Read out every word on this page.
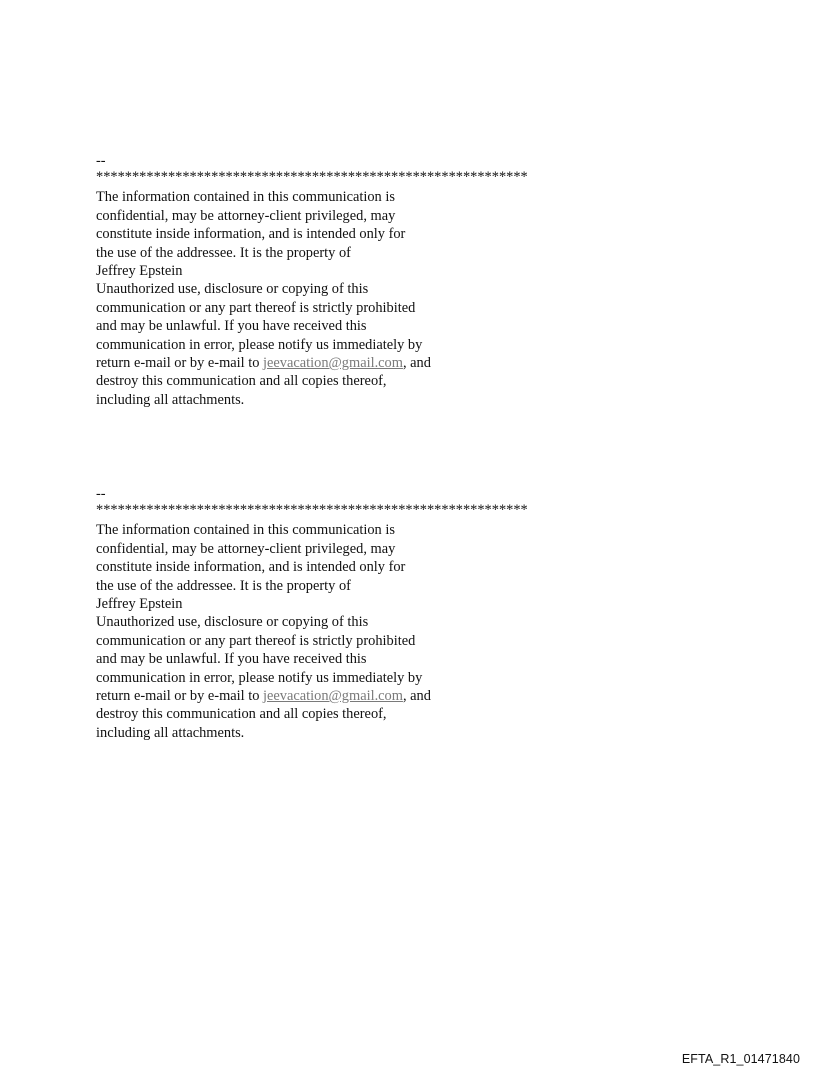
--
************************************************************
The information contained in this communication is
confidential, may be attorney-client privileged, may
constitute inside information, and is intended only for
the use of the addressee. It is the property of
Jeffrey Epstein
Unauthorized use, disclosure or copying of this
communication or any part thereof is strictly prohibited
and may be unlawful. If you have received this
communication in error, please notify us immediately by
return e-mail or by e-mail to jeevacation@gmail.com, and
destroy this communication and all copies thereof,
including all attachments.
--
************************************************************
The information contained in this communication is
confidential, may be attorney-client privileged, may
constitute inside information, and is intended only for
the use of the addressee. It is the property of
Jeffrey Epstein
Unauthorized use, disclosure or copying of this
communication or any part thereof is strictly prohibited
and may be unlawful. If you have received this
communication in error, please notify us immediately by
return e-mail or by e-mail to jeevacation@gmail.com, and
destroy this communication and all copies thereof,
including all attachments.
EFTA_R1_01471840
